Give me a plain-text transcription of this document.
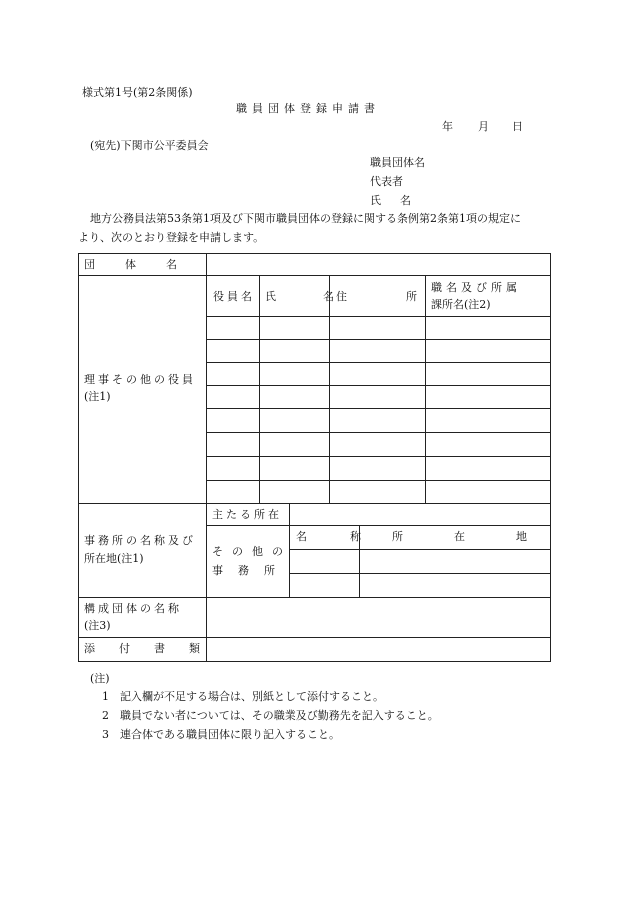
様式第1号(第2条関係)
職員団体登録申請書
年 月 日
(宛先)下関市公平委員会
職員団体名
代表者
氏　名
地方公務員法第53条第1項及び下関市職員団体の登録に関する条例第2条第1項の規定に
より、次のとおり登録を申請します。
団体名
理事その他の役員
(注1)
役員名 氏　名
住　所
職名及び所属
課所名(注2)
事務所の名称及び
所在地(注1)
主たる所在
その他の
事　務　所
名　称 所　在　地
構成団体の名称
(注3)
添付書類
(注)
1 記入欄が不足する場合は、別紙として添付すること。
2 職員でない者については、その職業及び勤務先を記入すること。
3 連合体である職員団体に限り記入すること。
